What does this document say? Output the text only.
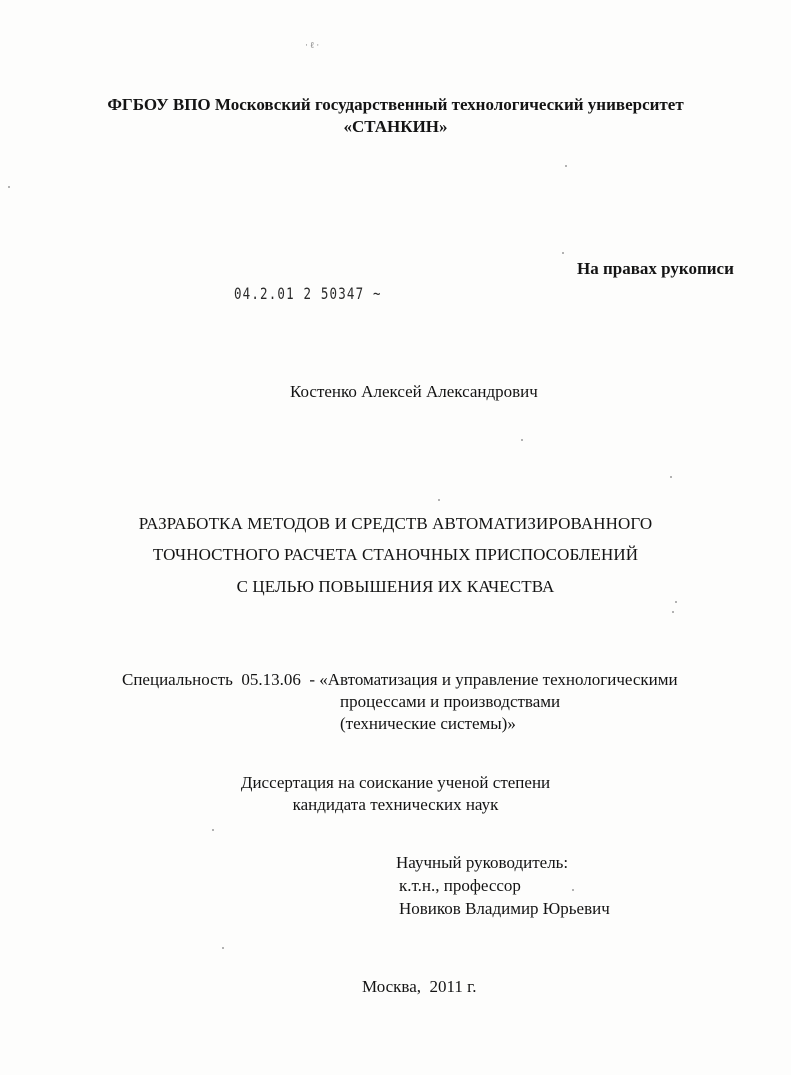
·ℓ·
ФГБОУ ВПО Московский государственный технологический университет
«СТАНКИН»
На правах рукописи
04.2.01 2 50347 ~
Костенко Алексей Александрович
РАЗРАБОТКА МЕТОДОВ И СРЕДСТВ АВТОМАТИЗИРОВАННОГО
ТОЧНОСТНОГО РАСЧЕТА СТАНОЧНЫХ ПРИСПОСОБЛЕНИЙ
С ЦЕЛЬЮ ПОВЫШЕНИЯ ИХ КАЧЕСТВА
Специальность 05.13.06 - «Автоматизация и управление технологическими
процессами и производствами
(технические системы)»
Диссертация на соискание ученой степени
кандидата технических наук
Научный руководитель:
к.т.н., профессор
Новиков Владимир Юрьевич
Москва, 2011 г.
